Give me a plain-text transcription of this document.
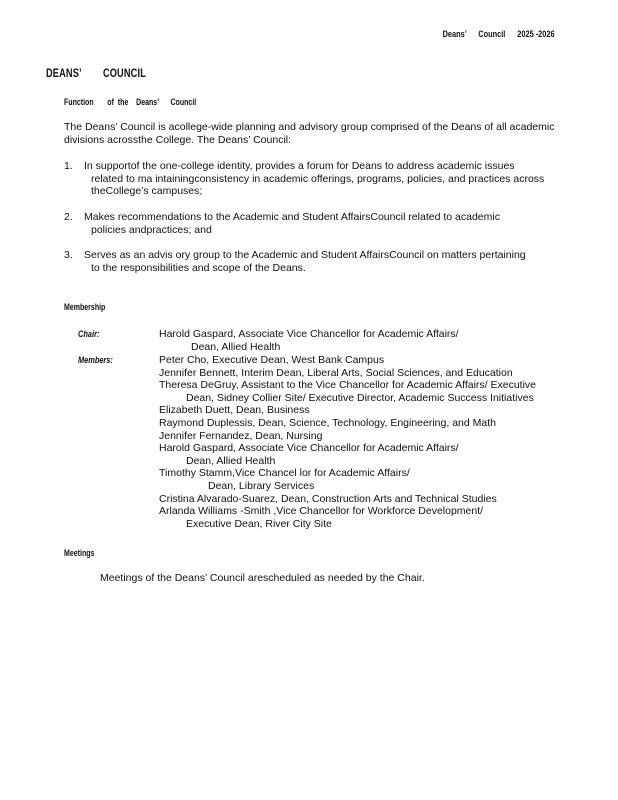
Deans’ Council 2025 -2026
DEANS’        COUNCIL
Function       of  the    Deans’      Council
The Deans’ Council is acollege-wide planning and advisory group comprised of the Deans of all academic divisions acrossthe College. The Deans’ Council:
1.	In supportof the one-college identity, provides a forum for Deans to address academic issues
related to ma intainingconsistency in academic offerings, programs, policies, and practices across theCollege’s campuses;
2.	Makes recommendations to the Academic and Student AffairsCouncil related to academic
policies andpractices; and
3.	Serves as an advis ory group to the Academic and Student AffairsCouncil on matters pertaining
to the responsibilities and scope of the Deans.
Membership
Chair:	Harold Gaspard, Associate Vice Chancellor for Academic Affairs/
Dean, Allied Health
Members:	Peter Cho, Executive Dean, West Bank Campus
Jennifer Bennett, Interim Dean, Liberal Arts, Social Sciences, and Education
Theresa DeGruy, Assistant to the Vice Chancellor for Academic Affairs/ Executive
Dean, Sidney Collier Site/ Executive Director, Academic Success Initiatives
Elizabeth Duett, Dean, Business
Raymond Duplessis, Dean, Science, Technology, Engineering, and Math
Jennifer Fernandez, Dean, Nursing
Harold Gaspard, Associate Vice Chancellor for Academic Affairs/
Dean, Allied Health
Timothy Stamm,Vice Chancel lor for Academic Affairs/
Dean, Library Services
Cristina Alvarado-Suarez, Dean, Construction Arts and Technical Studies
Arlanda Williams -Smith ,Vice Chancellor for Workforce Development/
Executive Dean, River City Site
Meetings
Meetings of the Deans’ Council arescheduled as needed by the Chair.
